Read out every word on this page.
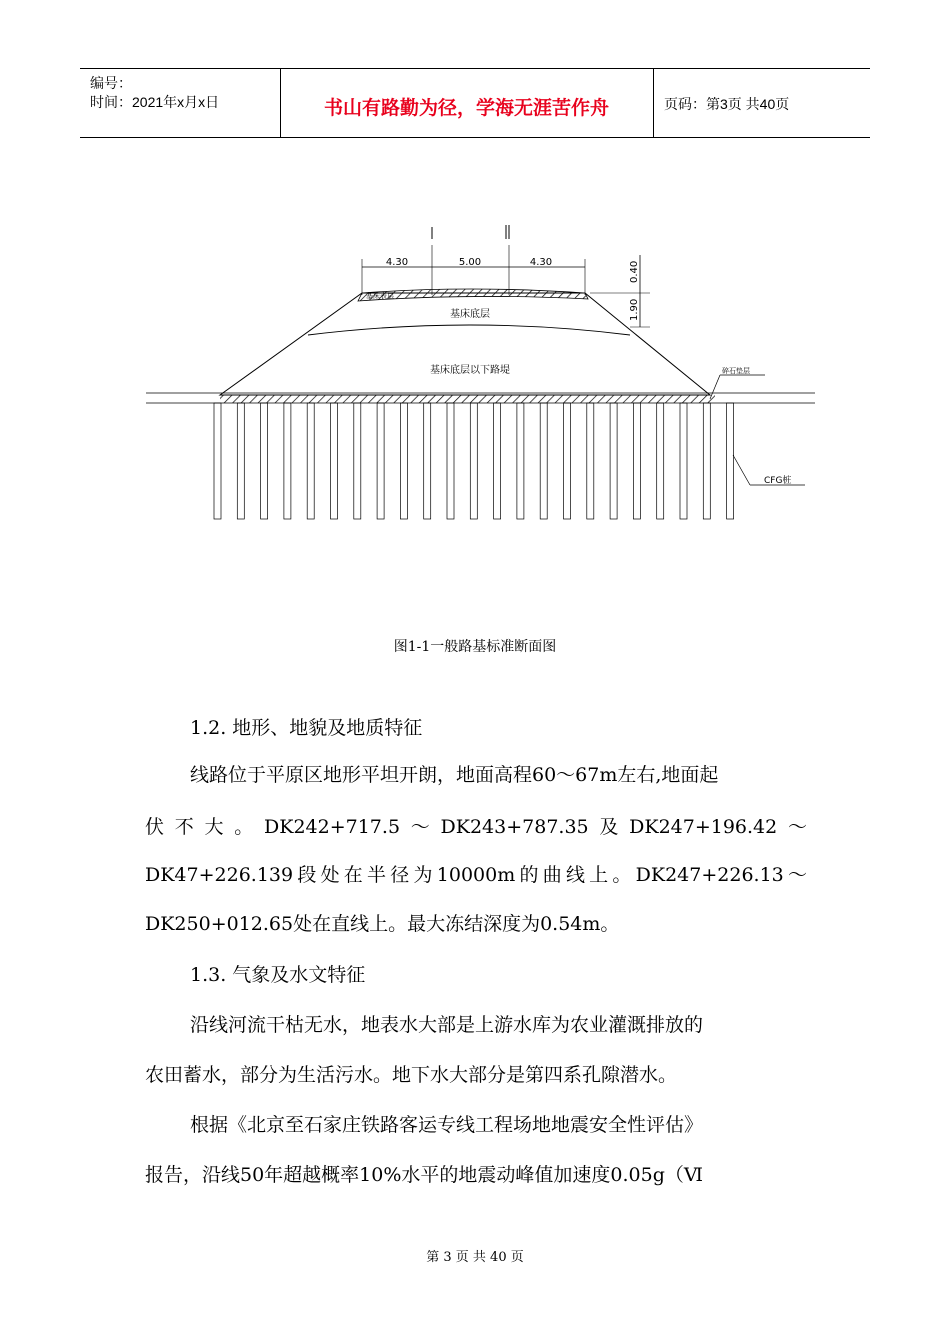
编号：
时间：2021年x月x日	书山有路勤为径，学海无涯苦作舟	页码：第3页 共40页
4.30	5.00	4.30	0.40
1.90
基床表层
基床底层
基床底层以下路堤	碎石垫层
CFG桩
图1-1一般路基标准断面图
1.2. 地形、地貌及地质特征
线路位于平原区地形平坦开朗，地面高程60～67m左右,地面起
伏不大。DK242+717.5～DK243+787.35及DK247+196.42～
DK47+226.139段处在半径为10000m的曲线上。DK247+226.13～
DK250+012.65处在直线上。最大冻结深度为0.54m。
1.3. 气象及水文特征
沿线河流干枯无水，地表水大部是上游水库为农业灌溉排放的
农田蓄水，部分为生活污水。地下水大部分是第四系孔隙潜水。
根据《北京至石家庄铁路客运专线工程场地地震安全性评估》
报告，沿线50年超越概率10%水平的地震动峰值加速度0.05g（Ⅵ
第 3 页 共 40 页
